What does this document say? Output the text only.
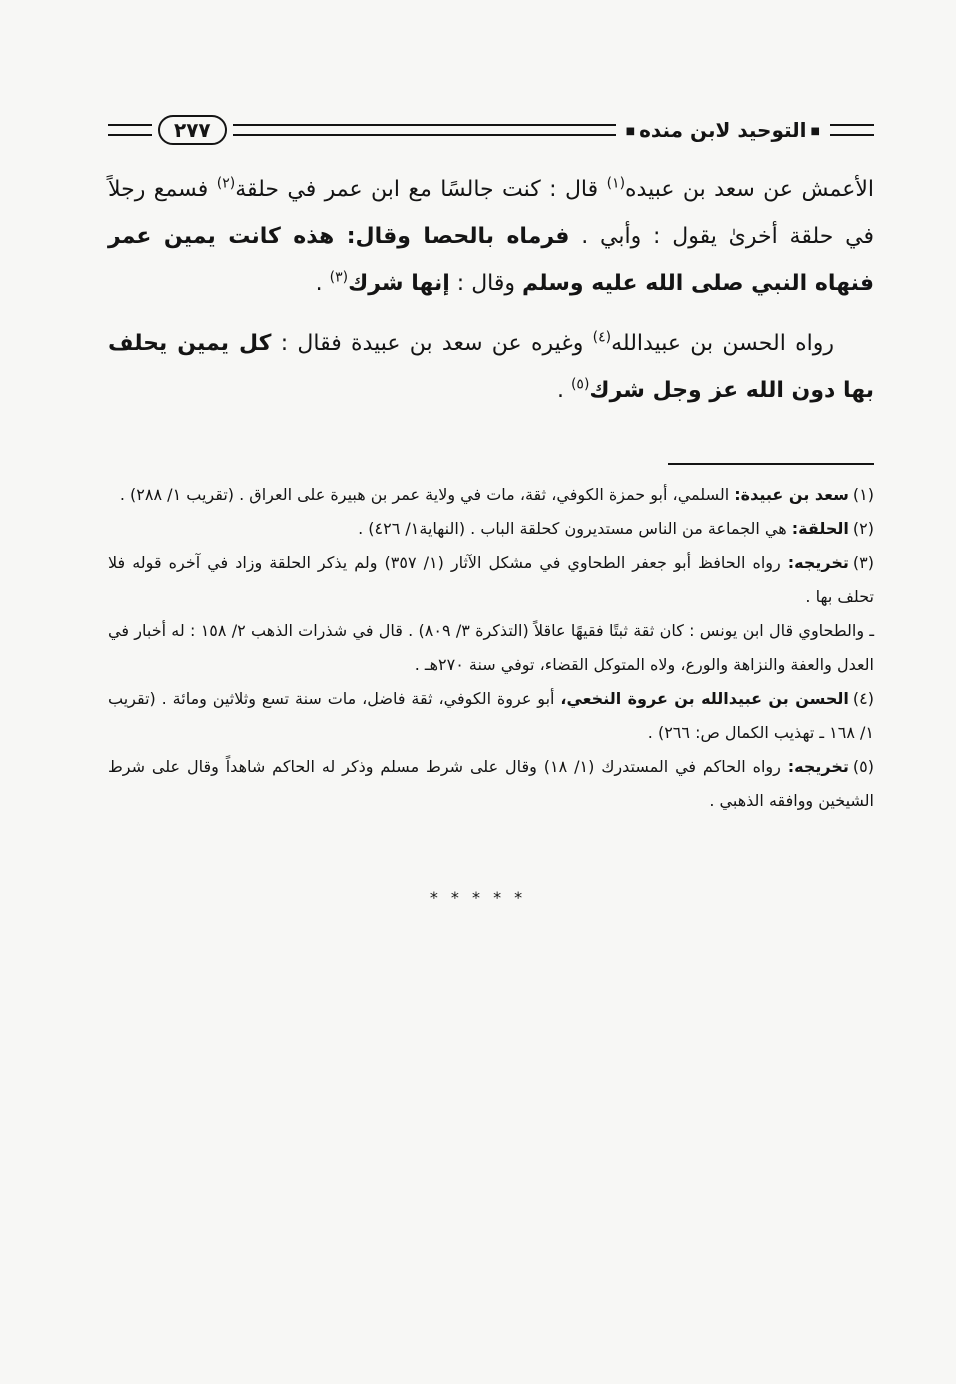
■التوحيد لابن منده■
٢٧٧

الأعمش عن سعد بن عبيده$^{(١)}$ قال : كنت جالسًا مع ابن عمر في حلقة$^{(٢)}$ فسمع رجلاً في حلقة أخرىٰ يقول : وأبي . فرماه بالحصا وقال: هذه كانت يمين عمر فنهاه النبي صلى الله عليه وسلم وقال : إنها شرك$^{(٣)}$ .

رواه الحسن بن عبيدالله$^{(٤)}$ وغيره عن سعد بن عبيدة فقال : كل يمين يحلف بها دون الله عز وجل شرك$^{(٥)}$ .

(١)سعد بن عبيدة: السلمي، أبو حمزة الكوفي، ثقة، مات في ولاية عمر بن هبيرة على العراق . (تقريب ١/ ٢٨٨) .

(٢)الحلقة: هي الجماعة من الناس مستديرون كحلقة الباب . (النهاية١/ ٤٢٦) .

(٣)تخريجه: رواه الحافظ أبو جعفر الطحاوي في مشكل الآثار (١/ ٣٥٧) ولم يذكر الحلقة وزاد في آخره قوله فلا تحلف بها .

ـ والطحاوي قال ابن يونس : كان ثقة ثبتًا فقيهًا عاقلاً (التذكرة ٣/ ٨٠٩) . قال في شذرات الذهب ٢/ ١٥٨ : له أخبار في العدل والعفة والنزاهة والورع، ولاه المتوكل القضاء، توفي سنة ٢٧٠هـ .

(٤)الحسن بن عبيدالله بن عروة النخعي، أبو عروة الكوفي، ثقة فاضل، مات سنة تسع وثلاثين ومائة . (تقريب ١/ ١٦٨ ـ تهذيب الكمال ص: ٢٦٦) .

(٥)تخريجه: رواه الحاكم في المستدرك (١/ ١٨) وقال على شرط مسلم وذكر له الحاكم شاهداً وقال على شرط الشيخين ووافقه الذهبي .

* * * * *
